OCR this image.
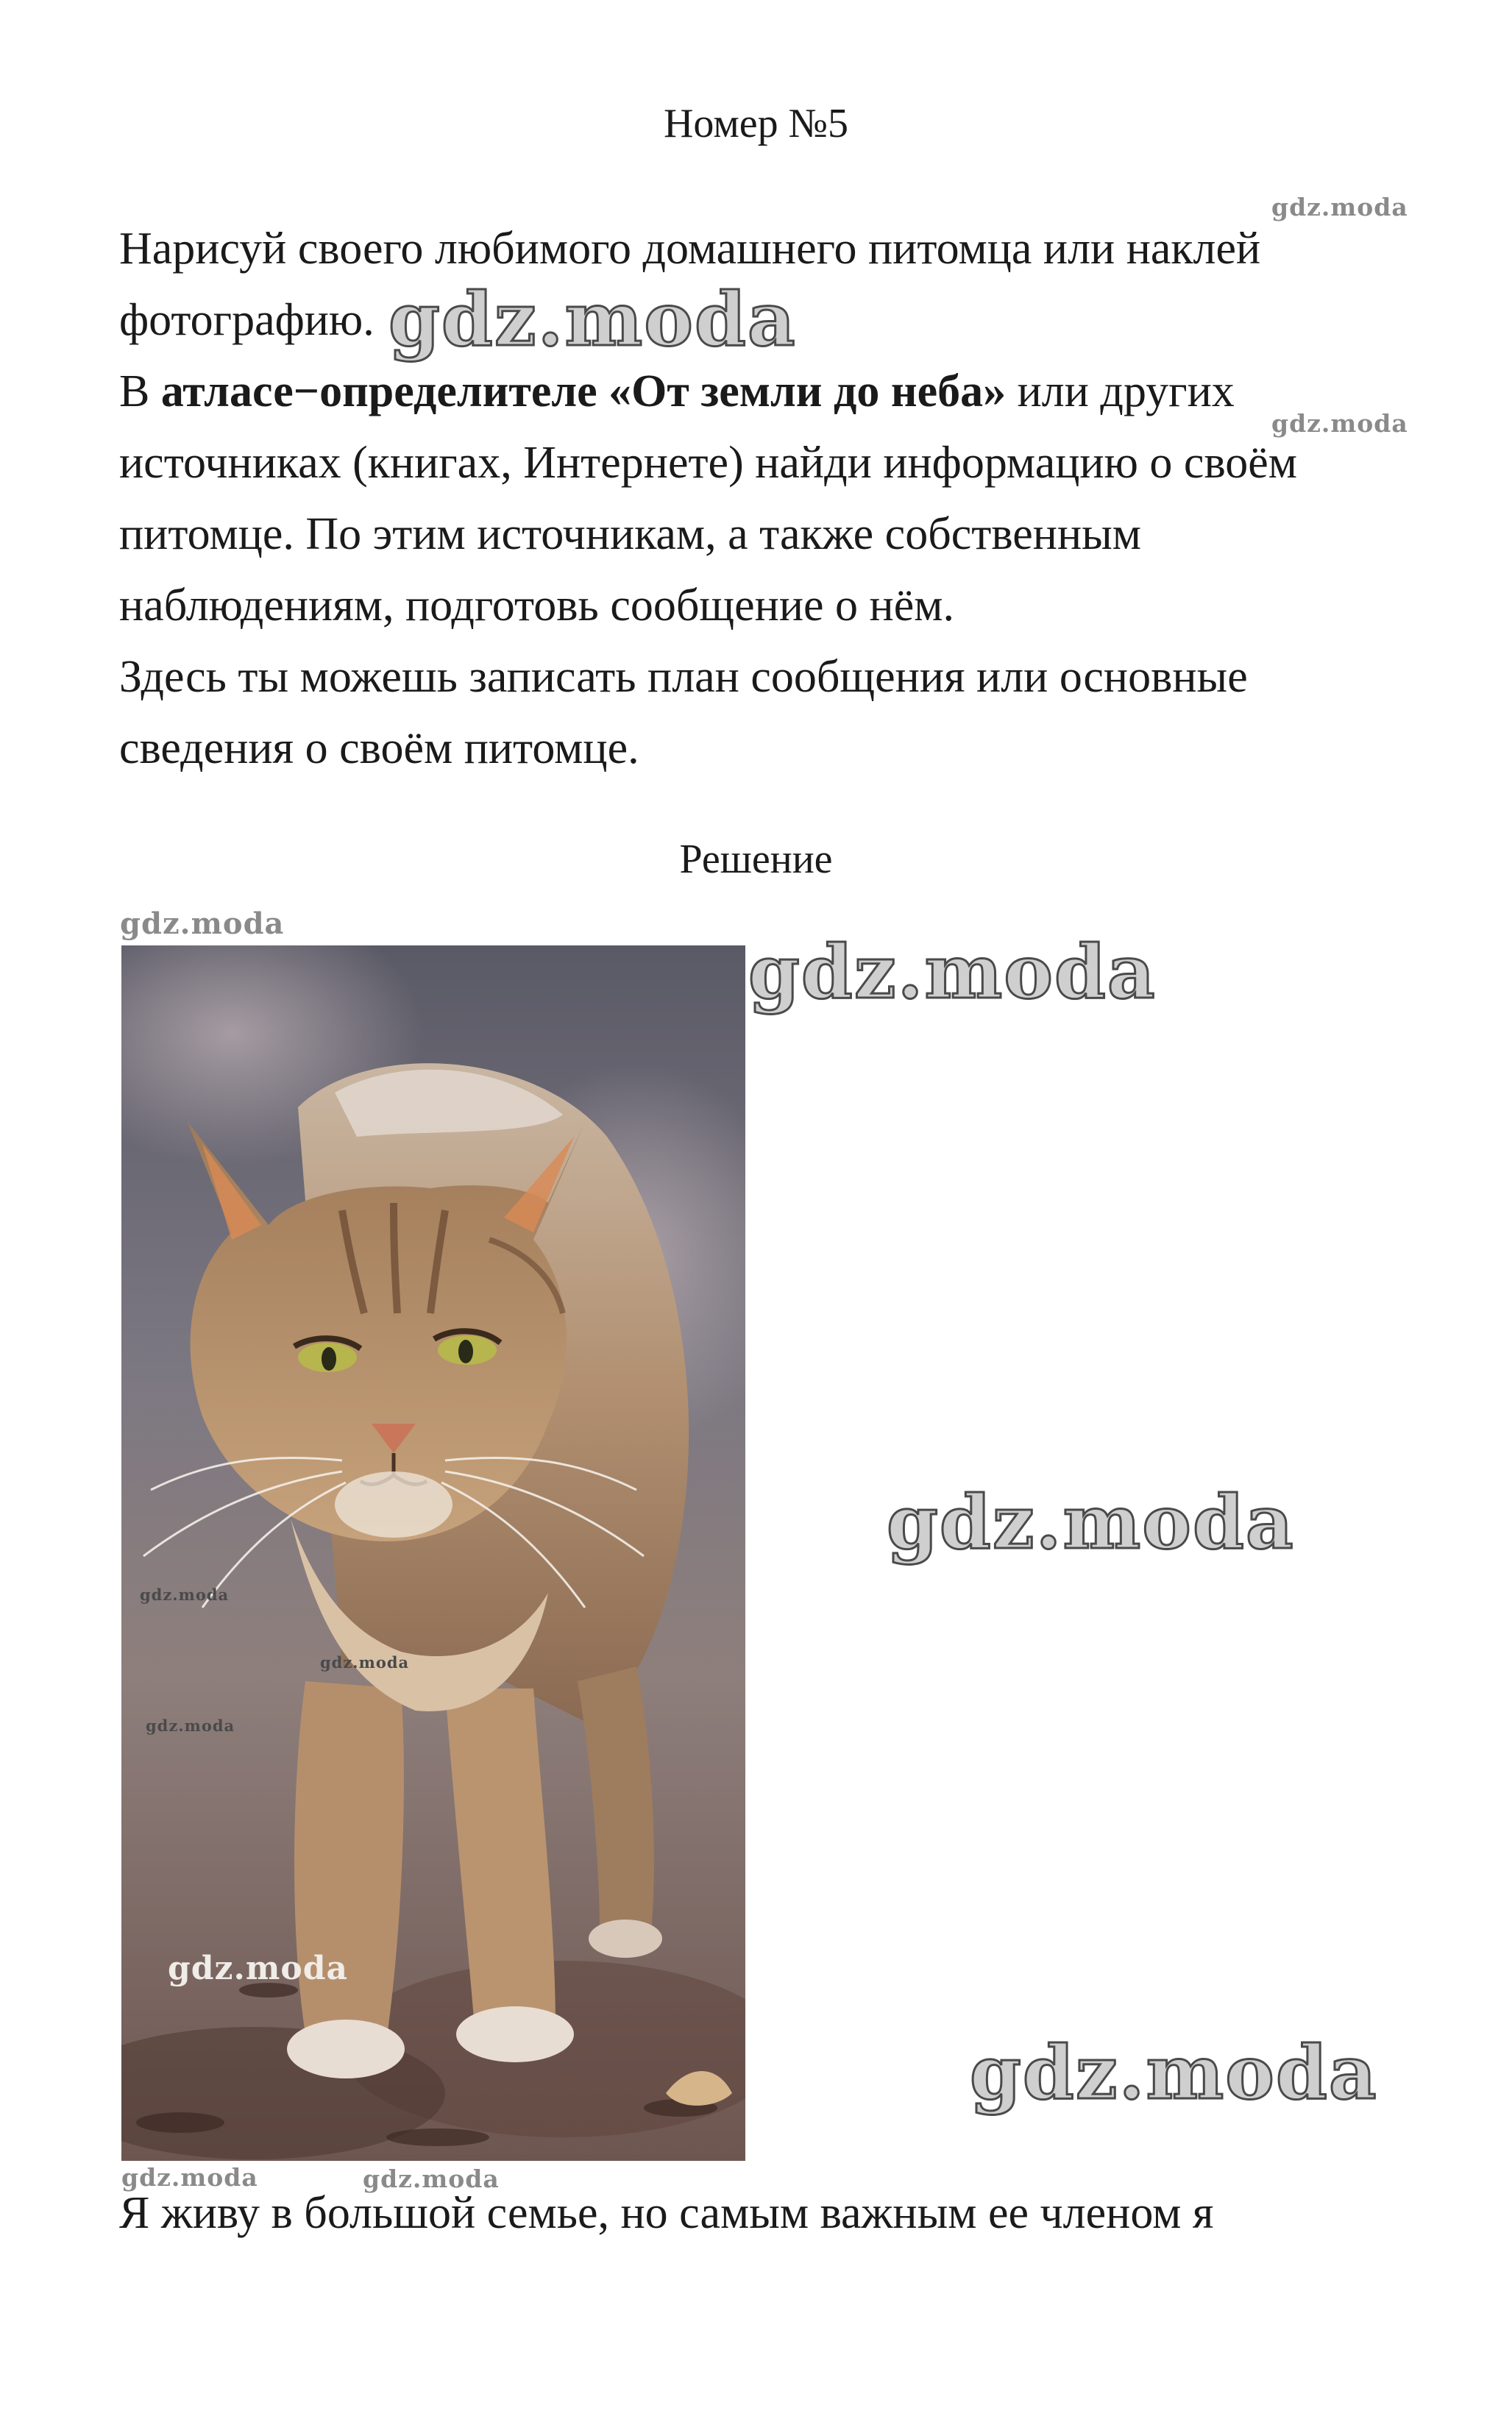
Номер №5

Нарисуй своего любимого домашнего питомца или наклей фотографию.

В атласе−определителе «От земли до неба» или других источниках (книгах, Интернете) найди информацию о своём питомце. По этим источникам, а также собственным наблюдениям, подготовь сообщение о нём.

Здесь ты можешь записать план сообщения или основные сведения о своём питомце.

Решение

Я живу в большой семье, но самым важным ее членом я

gdz.moda
gdz.moda
gdz.moda
gdz.moda
gdz.moda
gdz.moda
gdz.moda
gdz.moda
gdz.moda
gdz.moda
gdz.moda
gdz.moda	gdz.moda
